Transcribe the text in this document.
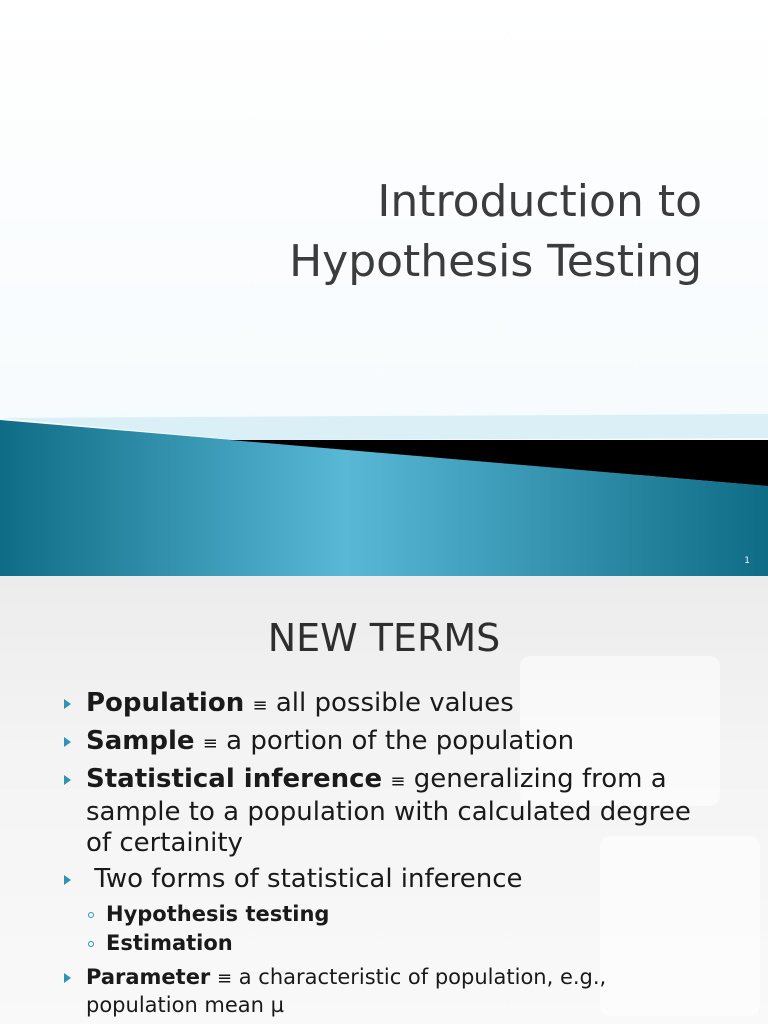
Introduction to
Hypothesis Testing
1
NEW TERMS
Population ≡ all possible values
Sample ≡ a portion of the population
Statistical inference ≡ generalizing from a sample to a population with calculated degree of certainity
Two forms of statistical inference
Hypothesis testing
Estimation
Parameter ≡ a characteristic of population, e.g., population mean µ
